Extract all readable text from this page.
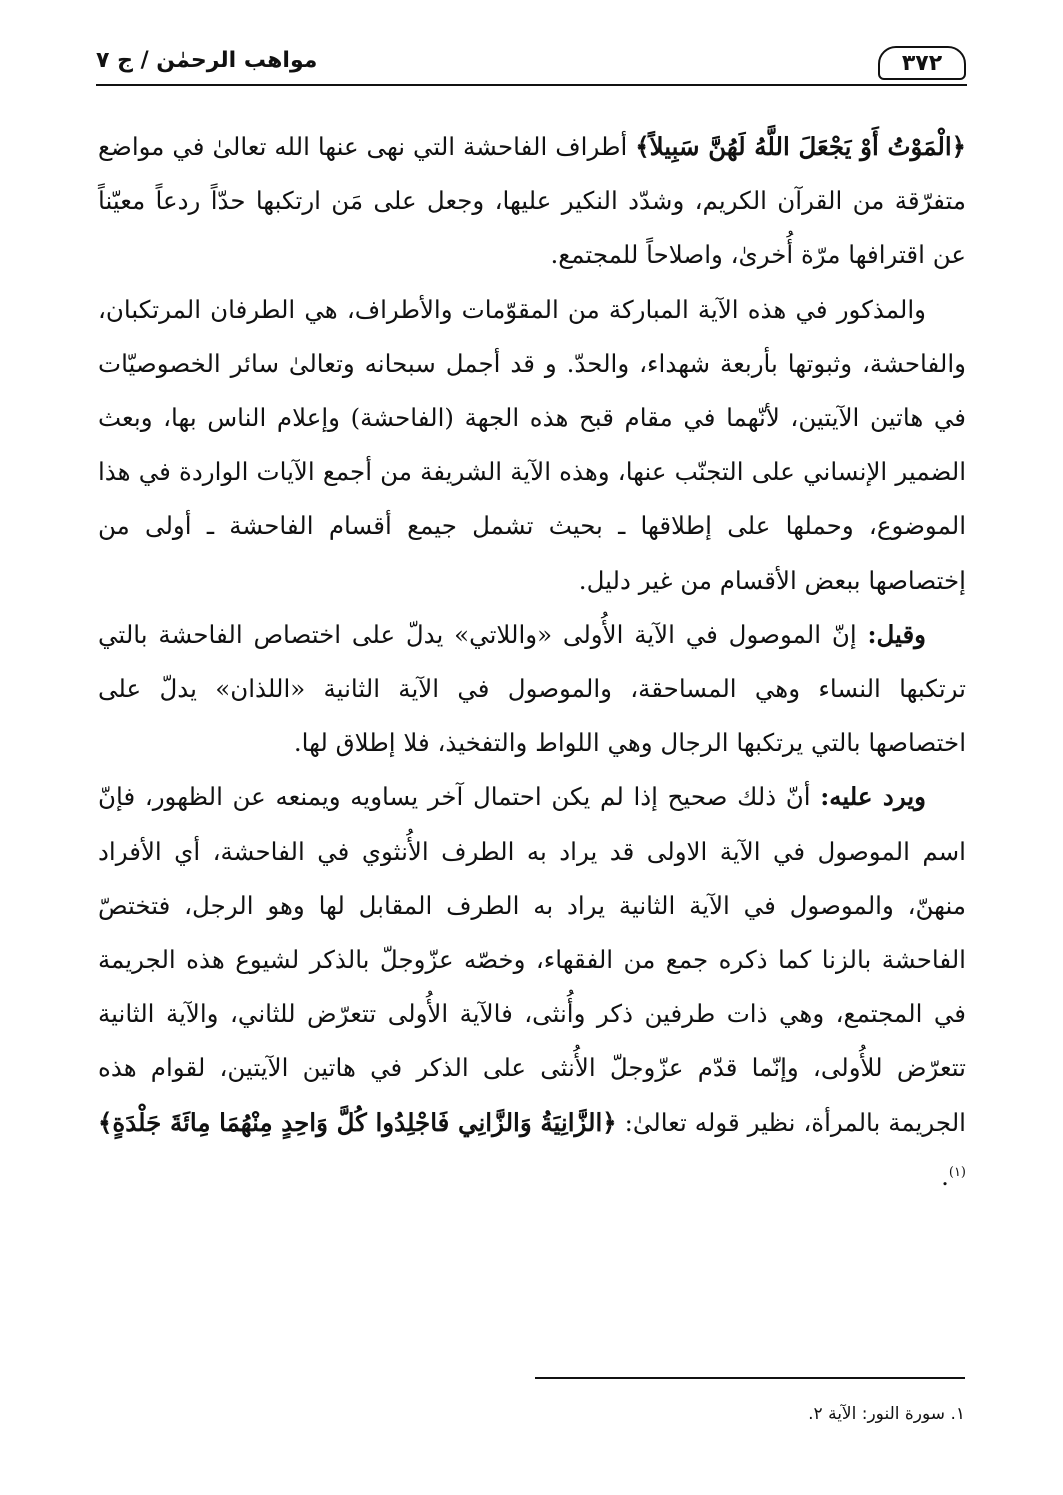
٣٧٢
مواهب الرحمٰن / ج ٧

﴿الْمَوْتُ أَوْ يَجْعَلَ اللَّهُ لَهُنَّ سَبِيلاً﴾ أطراف الفاحشة التي نهى عنها الله تعالىٰ في مواضع متفرّقة من القرآن الكريم، وشدّد النكير عليها، وجعل على مَن ارتكبها حدّاً ردعاً معيّناً عن اقترافها مرّة أُخرىٰ، واصلاحاً للمجتمع.

والمذكور في هذه الآية المباركة من المقوّمات والأطراف، هي الطرفان المرتكبان، والفاحشة، وثبوتها بأربعة شهداء، والحدّ. و قد أجمل سبحانه وتعالىٰ سائر الخصوصيّات في هاتين الآيتين، لأنّهما في مقام قبح هذه الجهة (الفاحشة) وإعلام الناس بها، وبعث الضمير الإنساني على التجنّب عنها، وهذه الآية الشريفة من أجمع الآيات الواردة في هذا الموضوع، وحملها على إطلاقها ـ بحيث تشمل جيمع أقسام الفاحشة ـ أولى من إختصاصها ببعض الأقسام من غير دليل.

وقيل: إنّ الموصول في الآية الأُولى «واللاتي» يدلّ على اختصاص الفاحشة بالتي ترتكبها النساء وهي المساحقة، والموصول في الآية الثانية «اللذان» يدلّ على اختصاصها بالتي يرتكبها الرجال وهي اللواط والتفخيذ، فلا إطلاق لها.

ويرد عليه: أنّ ذلك صحيح إذا لم يكن احتمال آخر يساويه ويمنعه عن الظهور، فإنّ اسم الموصول في الآية الاولى قد يراد به الطرف الأُنثوي في الفاحشة، أي الأفراد منهنّ، والموصول في الآية الثانية يراد به الطرف المقابل لها وهو الرجل، فتختصّ الفاحشة بالزنا كما ذكره جمع من الفقهاء، وخصّه عزّوجلّ بالذكر لشيوع هذه الجريمة في المجتمع، وهي ذات طرفين ذكر وأُنثى، فالآية الأُولى تتعرّض للثاني، والآية الثانية تتعرّض للأُولى، وإنّما قدّم عزّوجلّ الأُنثى على الذكر في هاتين الآيتين، لقوام هذه الجريمة بالمرأة، نظير قوله تعالىٰ: ﴿الزَّانِيَةُ وَالزَّانِي فَاجْلِدُوا كُلَّ وَاحِدٍ مِنْهُمَا مِائَةَ جَلْدَةٍ﴾$^{(١)}$.

١. سورة النور: الآية ٢.
